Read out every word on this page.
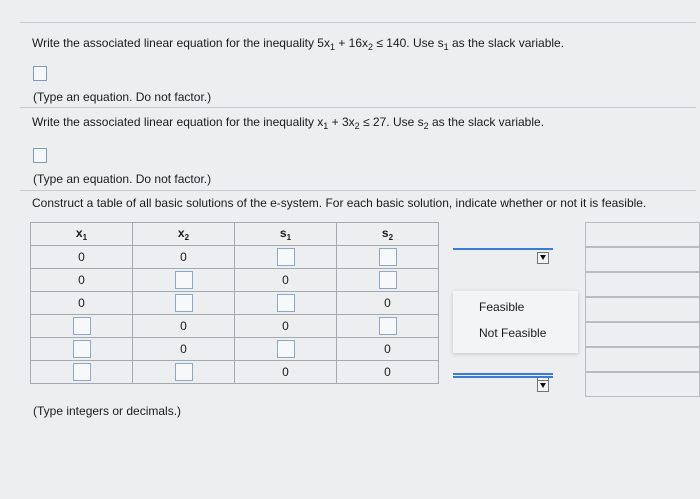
Write the associated linear equation for the inequality $5x_1 + 16x_2 \le 140$. Use $s_1$ as the slack variable.
(Type an equation. Do not factor.)
Write the associated linear equation for the inequality $x_1 + 3x_2 \le 27$. Use $s_2$ as the slack variable.
(Type an equation. Do not factor.)
Construct a table of all basic solutions of the e-system. For each basic solution, indicate whether or not it is feasible.
$x_1$	$x_2$	$s_1$	$s_2$
0	0		
0		0	
0			0
	0	0	
	0		0
		0	0
Feasible
Not Feasible
(Type integers or decimals.)
